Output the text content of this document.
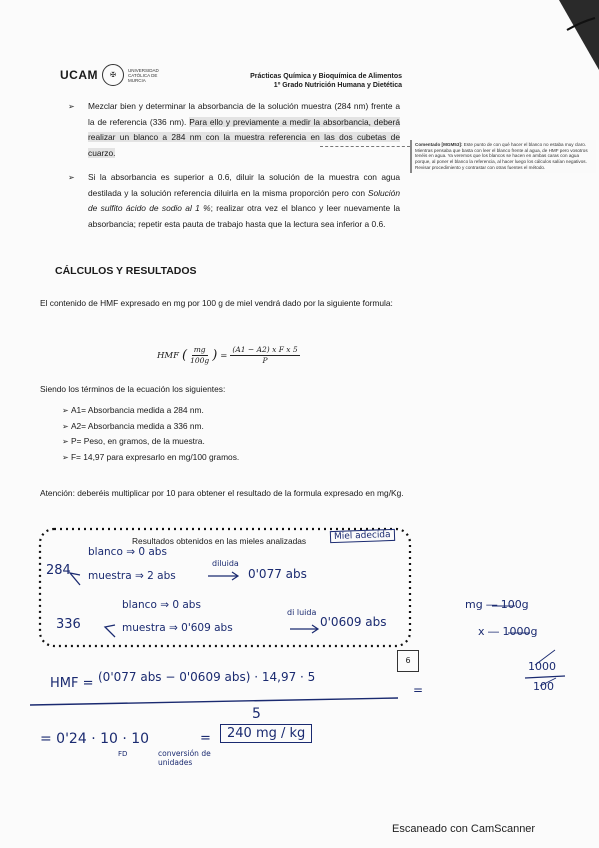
UCAM	✠
UNIVERSIDAD CATÓLICA DE MURCIA	Prácticas Química y Bioquímica de Alimentos
1º Grado Nutrición Humana y Dietética
➢ Mezclar bien y determinar la absorbancia de la solución muestra (284 nm) frente a la de referencia (336 nm). Para ello y previamente a medir la absorbancia, deberá realizar un blanco a 284 nm con la muestra referencia en las dos cubetas de cuarzo.
Comentado [MGM53]: Este punto de con qué hacer el blanco no estaba muy claro. Mientras pensaba que basta con leer el blanco frente al agua, de HMF pero vosotros tenéis en agua. Ya veremos que los blancos se hacen en ambas caras con agua porque, al poner el blanco la referencia, al hacer luego los cálculos salían negativos. Revisar procedimiento y contrastar con otras fuentes el método.
➢ Si la absorbancia es superior a 0.6, diluir la solución de la muestra con agua destilada y la solución referencia diluirla en la misma proporción pero con Solución de sulfito ácido de sodio al 1 %; realizar otra vez el blanco y leer nuevamente la absorbancia; repetir esta pauta de trabajo hasta que la lectura sea inferior a 0.6.
CÁLCULOS Y RESULTADOS
El contenido de HMF expresado en mg por 100 g de miel vendrá dado por la siguiente formula:
HMF ( $\frac{mg}{100g}$ ) = $\frac{\text{(A1 − A2) x F x 5}}{P}$
Siendo los términos de la ecuación los siguientes:
➢ A1= Absorbancia medida a 284 nm.
➢ A2= Absorbancia medida a 336 nm.
➢ P= Peso, en gramos, de la muestra.
➢ F= 14,97 para expresarlo en mg/100 gramos.
Atención: deberéis multiplicar por 10 para obtener el resultado de la formula expresado en mg/Kg.
Resultados obtenidos en las mieles analizadas	Miel adecida
284
blanco ⇒ 0 abs
muestra ⇒ 2 abs
diluida
0'077 abs
336
blanco ⇒ 0 abs
muestra ⇒ 0'609 abs
di luida
0'0609 abs
mg ― 100g
x ― 1000g
6
HMF = (0'077 abs − 0'0609 abs) · 14,97 · 5
5
=
1000
100
= 0'24 · 10 · 10
FD	conversión de unidades
=	240 mg / kg
Escaneado con CamScanner
